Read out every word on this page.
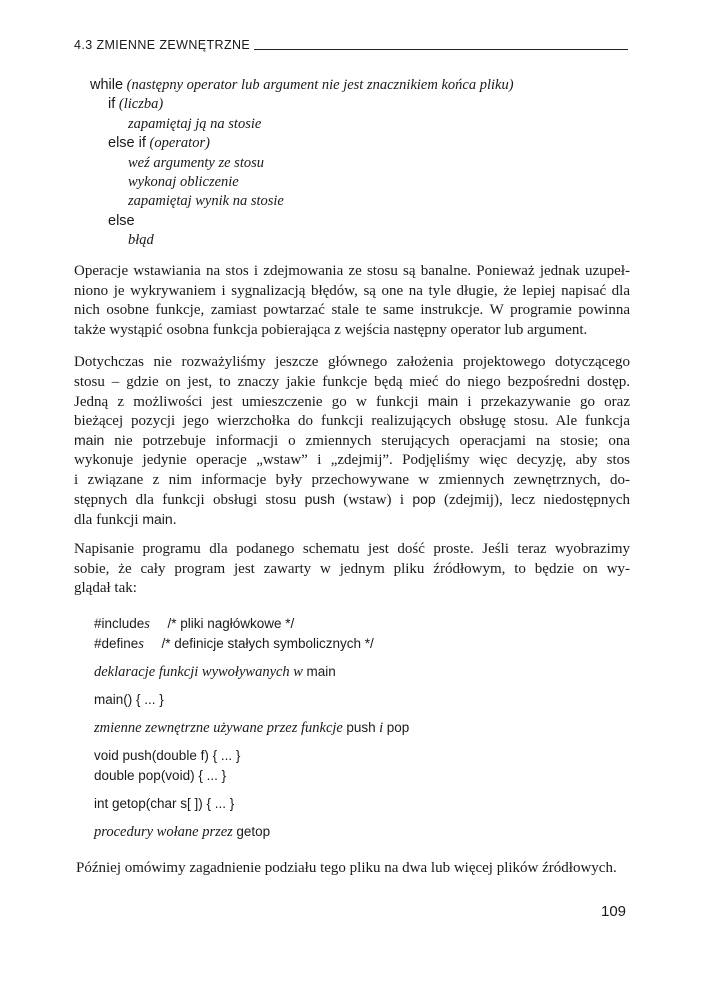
4.3 ZMIENNE ZEWNĘTRZNE
while (następny operator lub argument nie jest znacznikiem końca pliku)
if (liczba)
zapamiętaj ją na stosie
else if (operator)
weź argumenty ze stosu
wykonaj obliczenie
zapamiętaj wynik na stosie
else
błąd
Operacje wstawiania na stos i zdejmowania ze stosu są banalne. Ponieważ jednak uzupeł-
niono je wykrywaniem i sygnalizacją błędów, są one na tyle długie, że lepiej napisać dla
nich osobne funkcje, zamiast powtarzać stale te same instrukcje. W programie powinna
także wystąpić osobna funkcja pobierająca z wejścia następny operator lub argument.
Dotychczas nie rozważyliśmy jeszcze głównego założenia projektowego dotyczącego
stosu – gdzie on jest, to znaczy jakie funkcje będą mieć do niego bezpośredni dostęp.
Jedną z możliwości jest umieszczenie go w funkcji main i przekazywanie go oraz
bieżącej pozycji jego wierzchołka do funkcji realizujących obsługę stosu. Ale funkcja
main nie potrzebuje informacji o zmiennych sterujących operacjami na stosie; ona
wykonuje jedynie operacje „wstaw” i „zdejmij”. Podjęliśmy więc decyzję, aby stos
i związane z nim informacje były przechowywane w zmiennych zewnętrznych, do-
stępnych dla funkcji obsługi stosu push (wstaw) i pop (zdejmij), lecz niedostępnych
dla funkcji main.
Napisanie programu dla podanego schematu jest dość proste. Jeśli teraz wyobrazimy
sobie, że cały program jest zawarty w jednym pliku źródłowym, to będzie on wy-
glądał tak:
#includes /* pliki nagłówkowe */
#defines /* definicje stałych symbolicznych */
deklaracje funkcji wywoływanych w main
main() { ... }
zmienne zewnętrzne używane przez funkcje push i pop
void push(double f) { ... }
double pop(void) { ... }
int getop(char s[ ]) { ... }
procedury wołane przez getop
Później omówimy zagadnienie podziału tego pliku na dwa lub więcej plików źródłowych.
109
